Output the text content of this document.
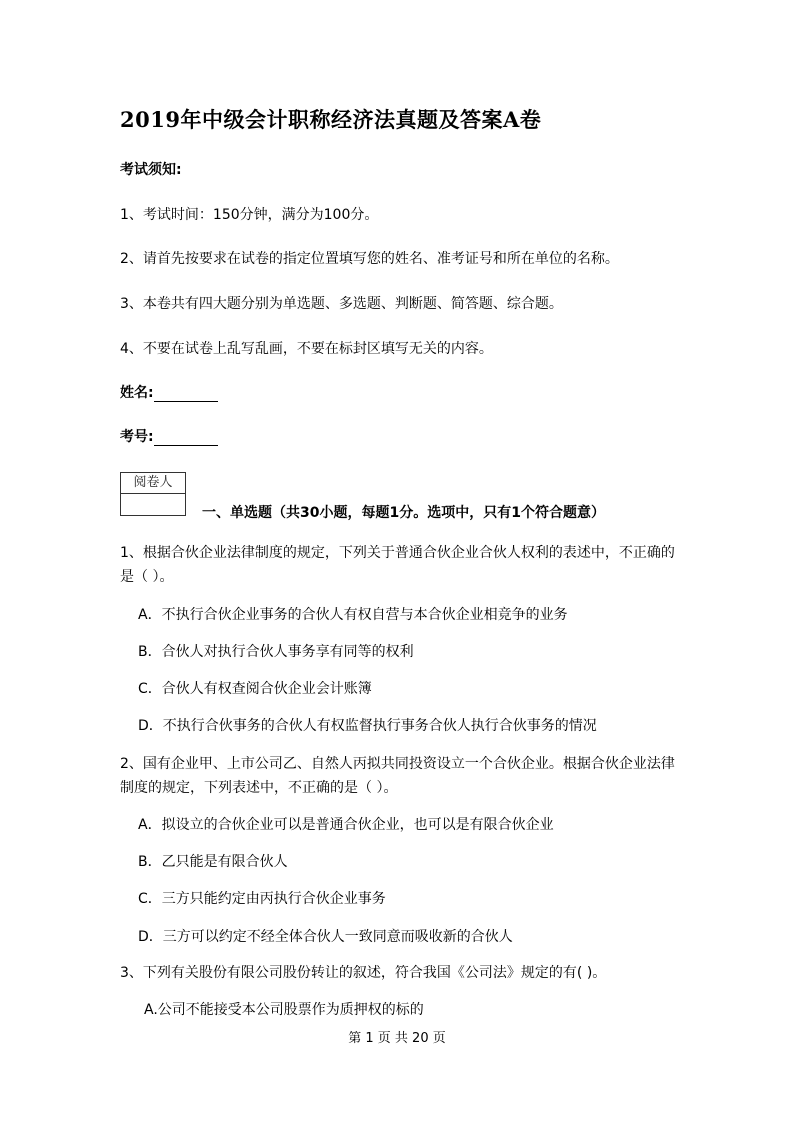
2019年中级会计职称经济法真题及答案A卷
考试须知:
1、考试时间：150分钟，满分为100分。
2、请首先按要求在试卷的指定位置填写您的姓名、准考证号和所在单位的名称。
3、本卷共有四大题分别为单选题、多选题、判断题、简答题、综合题。
4、不要在试卷上乱写乱画，不要在标封区填写无关的内容。
姓名:
考号:
阅卷人
一、单选题（共30小题，每题1分。选项中，只有1个符合题意）
1、根据合伙企业法律制度的规定，下列关于普通合伙企业合伙人权利的表述中，不正确的
是（ ）。
A．不执行合伙企业事务的合伙人有权自营与本合伙企业相竞争的业务
B．合伙人对执行合伙人事务享有同等的权利
C．合伙人有权查阅合伙企业会计账簿
D．不执行合伙事务的合伙人有权监督执行事务合伙人执行合伙事务的情况
2、国有企业甲、上市公司乙、自然人丙拟共同投资设立一个合伙企业。根据合伙企业法律
制度的规定，下列表述中，不正确的是（ ）。
A．拟设立的合伙企业可以是普通合伙企业，也可以是有限合伙企业
B．乙只能是有限合伙人
C．三方只能约定由丙执行合伙企业事务
D．三方可以约定不经全体合伙人一致同意而吸收新的合伙人
3、下列有关股份有限公司股份转让的叙述，符合我国《公司法》规定的有( )。
A.公司不能接受本公司股票作为质押权的标的
第 1 页 共 20 页
